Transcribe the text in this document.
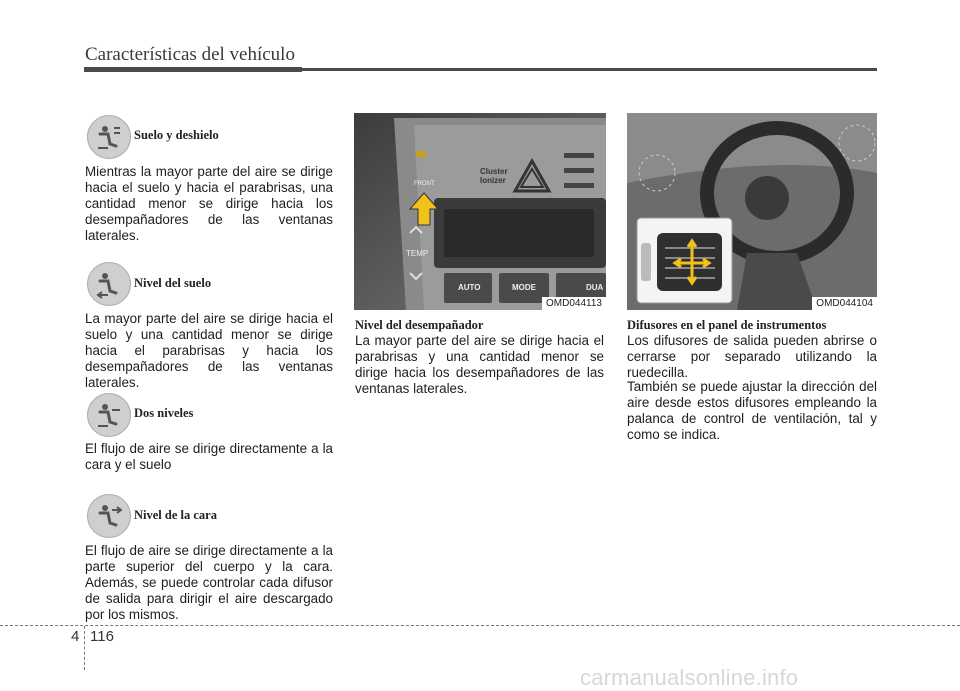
Características del vehículo
Suelo y deshielo
Mientras la mayor parte del aire se dirige hacia el suelo y hacia el parabrisas, una cantidad menor se dirige hacia los desempañadores de las ventanas laterales.
Nivel del suelo
La mayor parte del aire se dirige hacia el suelo y una cantidad menor se dirige hacia el parabrisas y hacia los desempañadores de las ventanas laterales.
Dos niveles
El flujo de aire se dirige directamente a la cara y el suelo
Nivel de la cara
El flujo de aire se dirige directamente a la parte superior del cuerpo y la cara. Además, se puede controlar cada difusor de salida para dirigir el aire descargado por los mismos.
Cluster
Ionizer
FRONT
TEMP
AUTO	MODE	DUA
OMD044113
Nivel del desempañador
La mayor parte del aire se dirige hacia el parabrisas y una cantidad menor se dirige hacia los desempañadores de las ventanas laterales.
OMD044104
Difusores en el panel de instrumentos
Los difusores de salida pueden abrirse o cerrarse por separado utilizando la ruedecilla.
También se puede ajustar la dirección del aire desde estos difusores empleando la palanca de control de ventilación, tal y como se indica.
4 116
carmanualsonline.info
